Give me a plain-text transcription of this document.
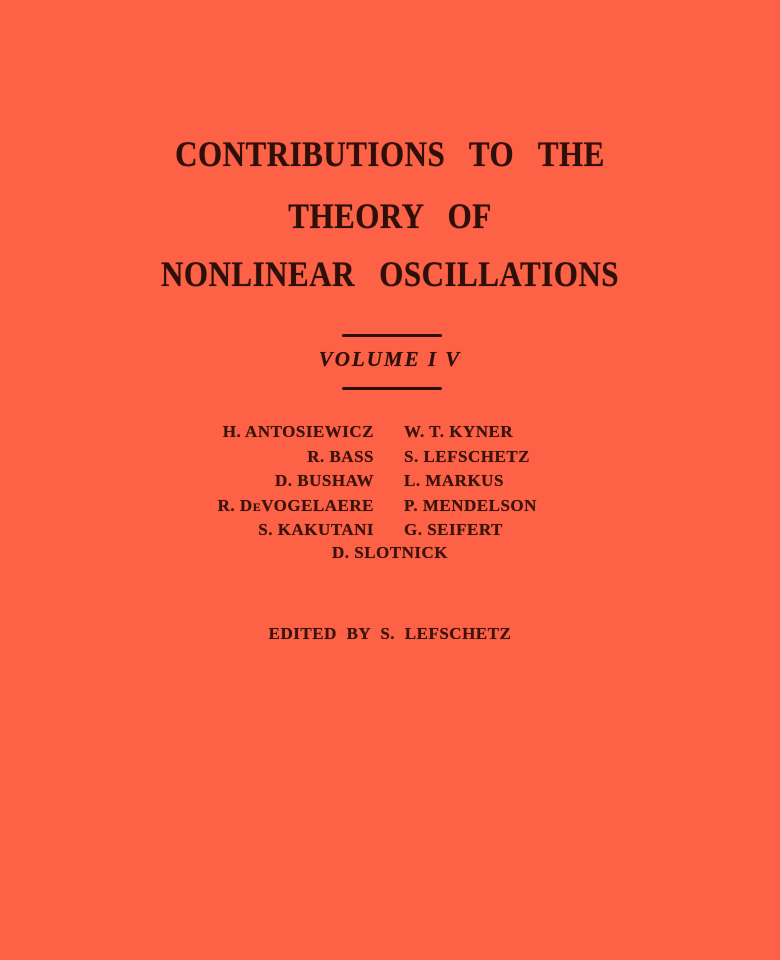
CONTRIBUTIONS TO THE
THEORY OF
NONLINEAR OSCILLATIONS
VOLUME I V
H. ANTOSIEWICZ W. T. KYNER
R. BASS S. LEFSCHETZ
D. BUSHAW L. MARKUS
R. DeVOGELAERE P. MENDELSON
S. KAKUTANI G. SEIFERT
D. SLOTNICK
EDITED BY S. LEFSCHETZ
